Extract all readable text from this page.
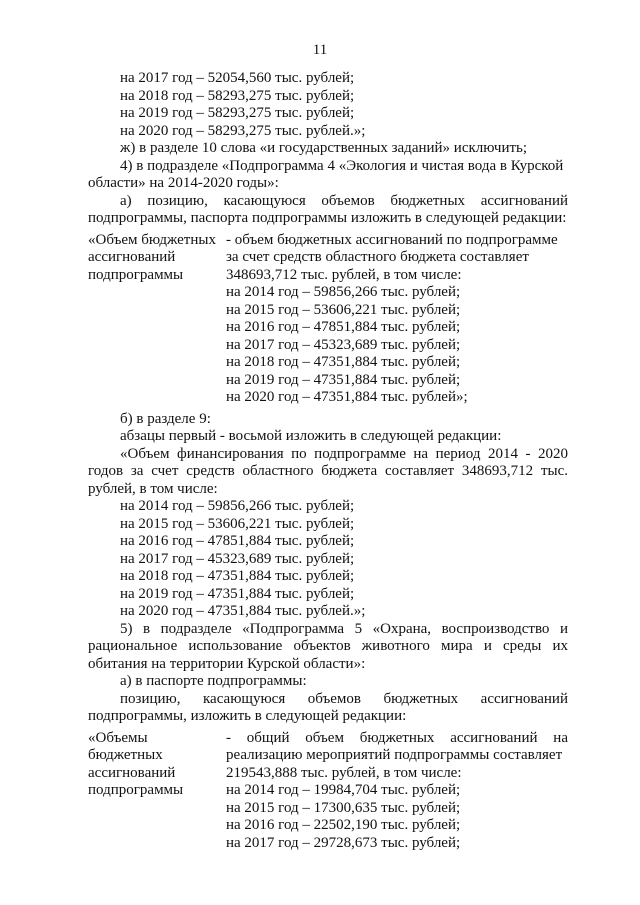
11
на 2017 год – 52054,560 тыс. рублей;
на 2018 год – 58293,275 тыс. рублей;
на 2019 год – 58293,275 тыс. рублей;
на 2020 год – 58293,275 тыс. рублей.»;
ж) в разделе 10 слова «и государственных заданий» исключить;
4) в подразделе «Подпрограмма 4 «Экология и чистая вода в Курской
области» на 2014-2020 годы»:
а) позицию, касающуюся объемов бюджетных ассигнований
подпрограммы, паспорта подпрограммы изложить в следующей редакции:
«Объем бюджетных
ассигнований
подпрограммы
- объем бюджетных ассигнований по подпрограмме
за счет средств областного бюджета составляет
348693,712 тыс. рублей, в том числе:
на 2014 год – 59856,266 тыс. рублей;
на 2015 год – 53606,221 тыс. рублей;
на 2016 год – 47851,884 тыс. рублей;
на 2017 год – 45323,689 тыс. рублей;
на 2018 год – 47351,884 тыс. рублей;
на 2019 год – 47351,884 тыс. рублей;
на 2020 год – 47351,884 тыс. рублей»;
б) в разделе 9:
абзацы первый - восьмой изложить в следующей редакции:
«Объем финансирования по подпрограмме на период 2014 - 2020
годов за счет средств областного бюджета составляет 348693,712 тыс.
рублей, в том числе:
на 2014 год – 59856,266 тыс. рублей;
на 2015 год – 53606,221 тыс. рублей;
на 2016 год – 47851,884 тыс. рублей;
на 2017 год – 45323,689 тыс. рублей;
на 2018 год – 47351,884 тыс. рублей;
на 2019 год – 47351,884 тыс. рублей;
на 2020 год – 47351,884 тыс. рублей.»;
5) в подразделе «Подпрограмма 5 «Охрана, воспроизводство и
рациональное использование объектов животного мира и среды их
обитания на территории Курской области»:
а) в паспорте подпрограммы:
позицию, касающуюся объемов бюджетных ассигнований
подпрограммы, изложить в следующей редакции:
«Объемы
бюджетных
ассигнований
подпрограммы
- общий объем бюджетных ассигнований на
реализацию мероприятий подпрограммы составляет
219543,888 тыс. рублей, в том числе:
на 2014 год – 19984,704 тыс. рублей;
на 2015 год – 17300,635 тыс. рублей;
на 2016 год – 22502,190 тыс. рублей;
на 2017 год – 29728,673 тыс. рублей;
